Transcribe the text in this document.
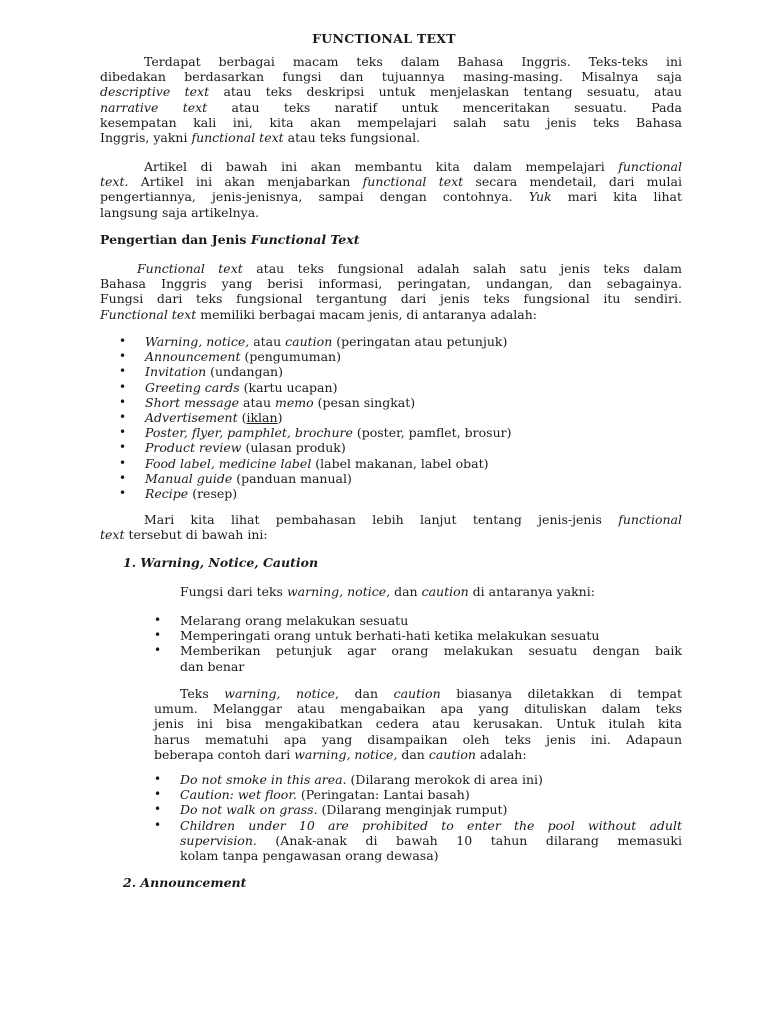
FUNCTIONAL TEXT
Terdapat berbagai macam teks dalam Bahasa Inggris. Teks-teks ini
dibedakan berdasarkan fungsi dan tujuannya masing-masing. Misalnya saja
descriptive text atau teks deskripsi untuk menjelaskan tentang sesuatu, atau
narrative text atau teks naratif untuk menceritakan sesuatu. Pada
kesempatan kali ini, kita akan mempelajari salah satu jenis teks Bahasa
Inggris, yakni functional text atau teks fungsional.
Artikel di bawah ini akan membantu kita dalam mempelajari functional
text. Artikel ini akan menjabarkan functional text secara mendetail, dari mulai
pengertiannya, jenis-jenisnya, sampai dengan contohnya. Yuk mari kita lihat
langsung saja artikelnya.
Pengertian dan Jenis Functional Text
Functional text atau teks fungsional adalah salah satu jenis teks dalam
Bahasa Inggris yang berisi informasi, peringatan, undangan, dan sebagainya.
Fungsi dari teks fungsional tergantung dari jenis teks fungsional itu sendiri.
Functional text memiliki berbagai macam jenis, di antaranya adalah:
• Warning, notice, atau caution (peringatan atau petunjuk)
• Announcement (pengumuman)
• Invitation (undangan)
• Greeting cards (kartu ucapan)
• Short message atau memo (pesan singkat)
• Advertisement (iklan)
• Poster, flyer, pamphlet, brochure (poster, pamflet, brosur)
• Product review (ulasan produk)
• Food label, medicine label (label makanan, label obat)
• Manual guide (panduan manual)
• Recipe (resep)
Mari kita lihat pembahasan lebih lanjut tentang jenis-jenis functional
text tersebut di bawah ini:
1. Warning, Notice, Caution
Fungsi dari teks warning, notice, dan caution di antaranya yakni:
• Melarang orang melakukan sesuatu
• Memperingati orang untuk berhati-hati ketika melakukan sesuatu
• Memberikan petunjuk agar orang melakukan sesuatu dengan baik
dan benar
Teks warning, notice, dan caution biasanya diletakkan di tempat
umum. Melanggar atau mengabaikan apa yang dituliskan dalam teks
jenis ini bisa mengakibatkan cedera atau kerusakan. Untuk itulah kita
harus mematuhi apa yang disampaikan oleh teks jenis ini. Adapaun
beberapa contoh dari warning, notice, dan caution adalah:
• Do not smoke in this area. (Dilarang merokok di area ini)
• Caution: wet floor. (Peringatan: Lantai basah)
• Do not walk on grass. (Dilarang menginjak rumput)
• Children under 10 are prohibited to enter the pool without adult
supervision. (Anak-anak di bawah 10 tahun dilarang memasuki
kolam tanpa pengawasan orang dewasa)
2. Announcement
